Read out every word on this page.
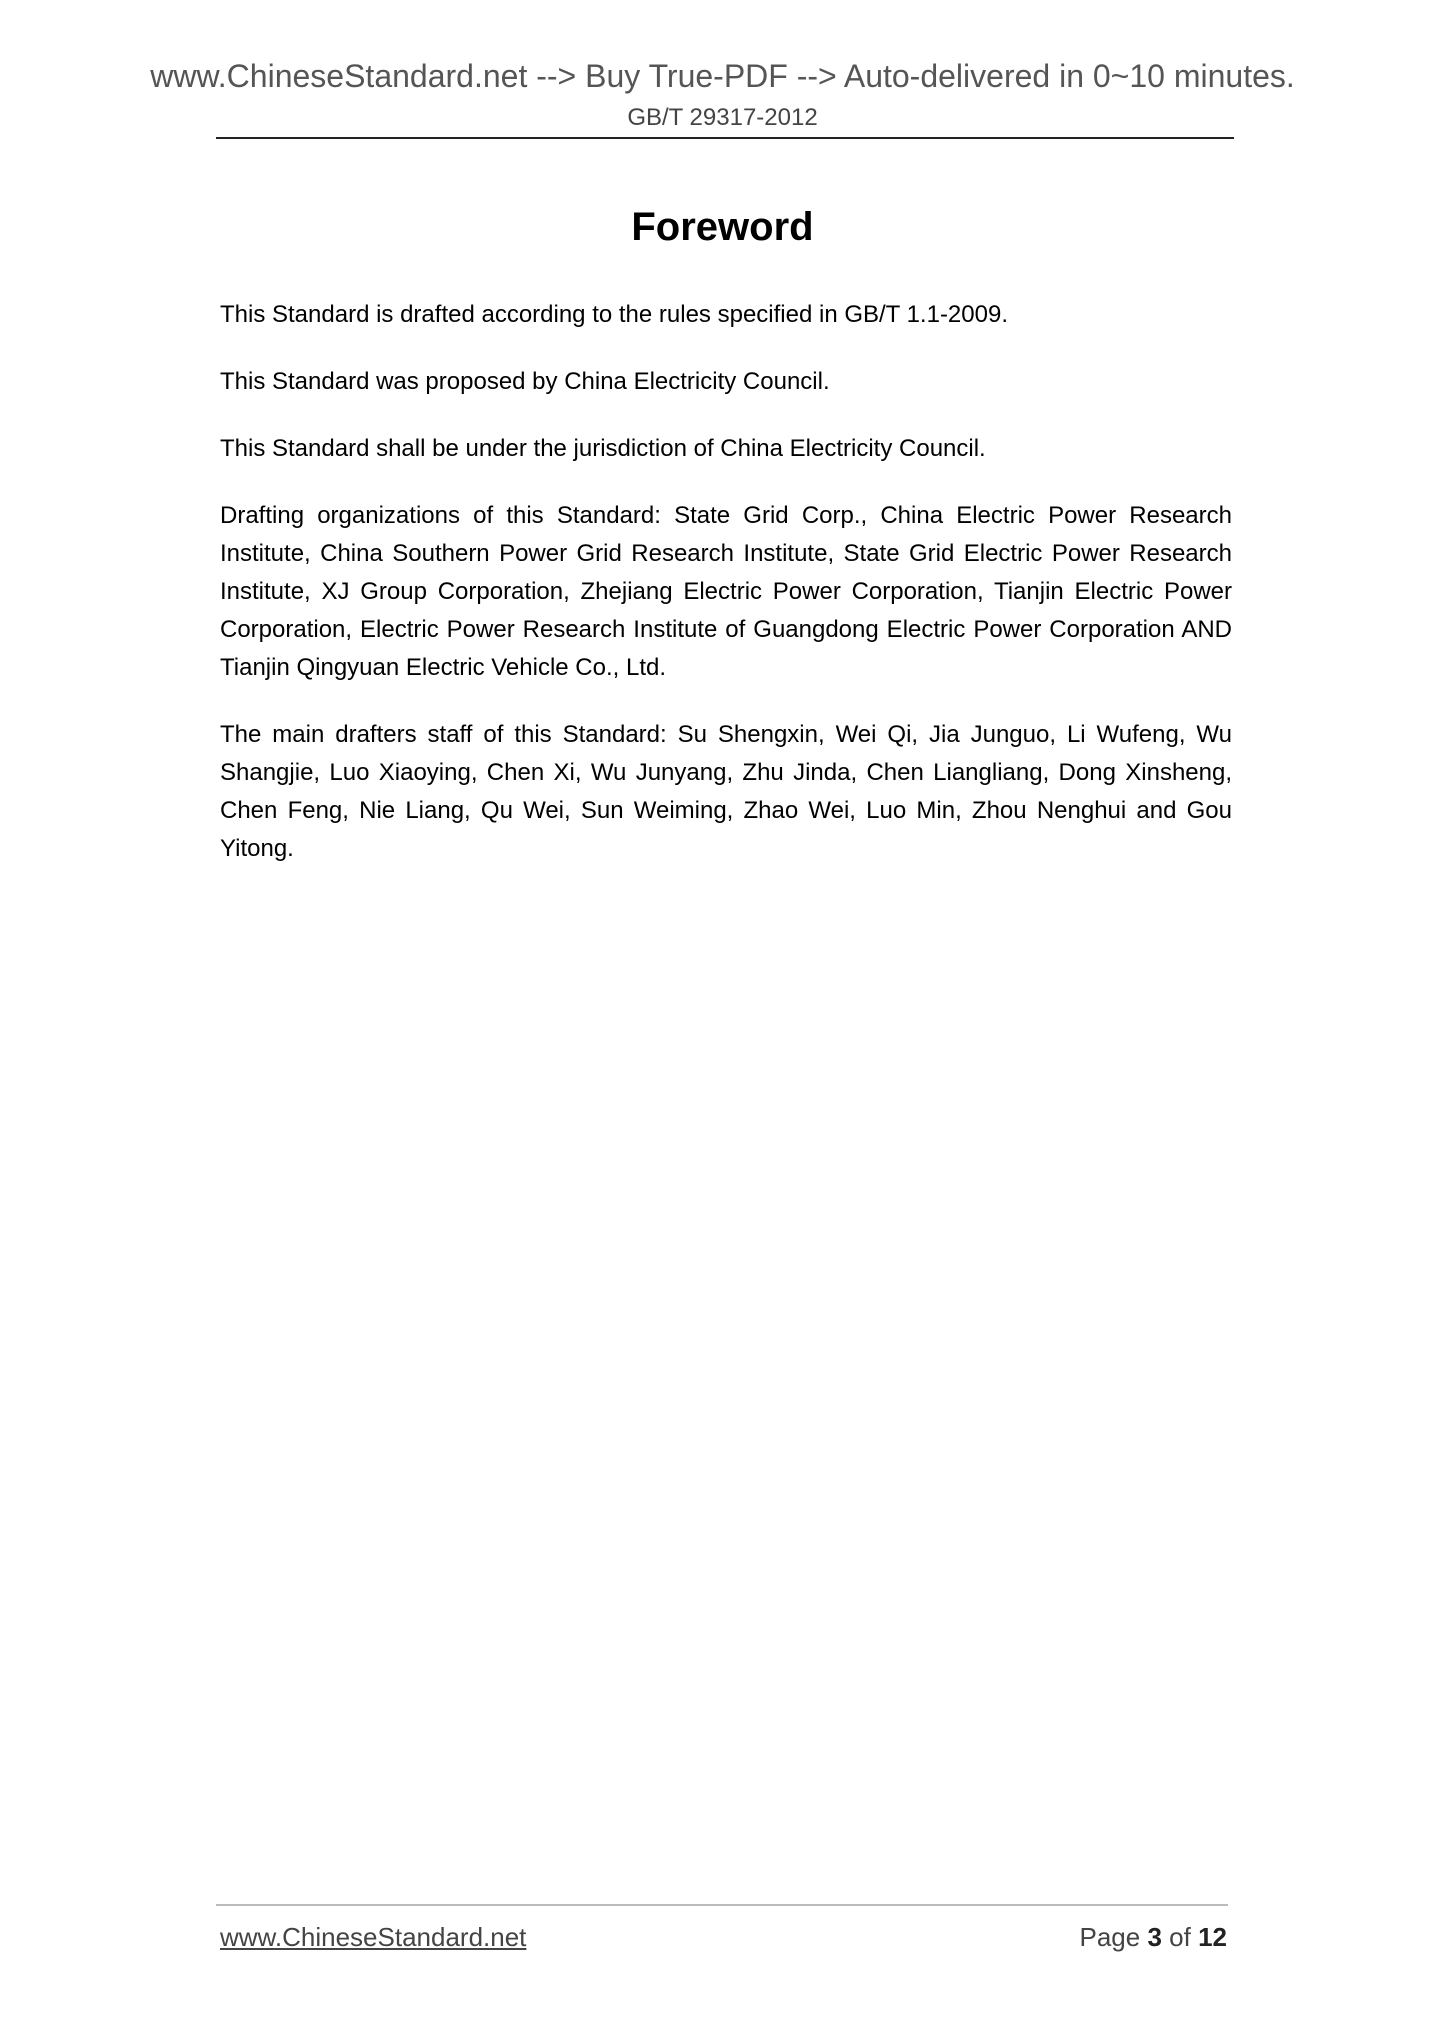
www.ChineseStandard.net --> Buy True-PDF --> Auto-delivered in 0~10 minutes.
GB/T 29317-2012
Foreword

This Standard is drafted according to the rules specified in GB/T 1.1-2009.

This Standard was proposed by China Electricity Council.

This Standard shall be under the jurisdiction of China Electricity Council.

Drafting organizations of this Standard: State Grid Corp., China Electric Power Research Institute, China Southern Power Grid Research Institute, State Grid Electric Power Research Institute, XJ Group Corporation, Zhejiang Electric Power Corporation, Tianjin Electric Power Corporation, Electric Power Research Institute of Guangdong Electric Power Corporation AND Tianjin Qingyuan Electric Vehicle Co., Ltd.

The main drafters staff of this Standard: Su Shengxin, Wei Qi, Jia Junguo, Li Wufeng, Wu Shangjie, Luo Xiaoying, Chen Xi, Wu Junyang, Zhu Jinda, Chen Liangliang, Dong Xinsheng, Chen Feng, Nie Liang, Qu Wei, Sun Weiming, Zhao Wei, Luo Min, Zhou Nenghui and Gou Yitong.

www.ChineseStandard.net	Page 3 of 12
